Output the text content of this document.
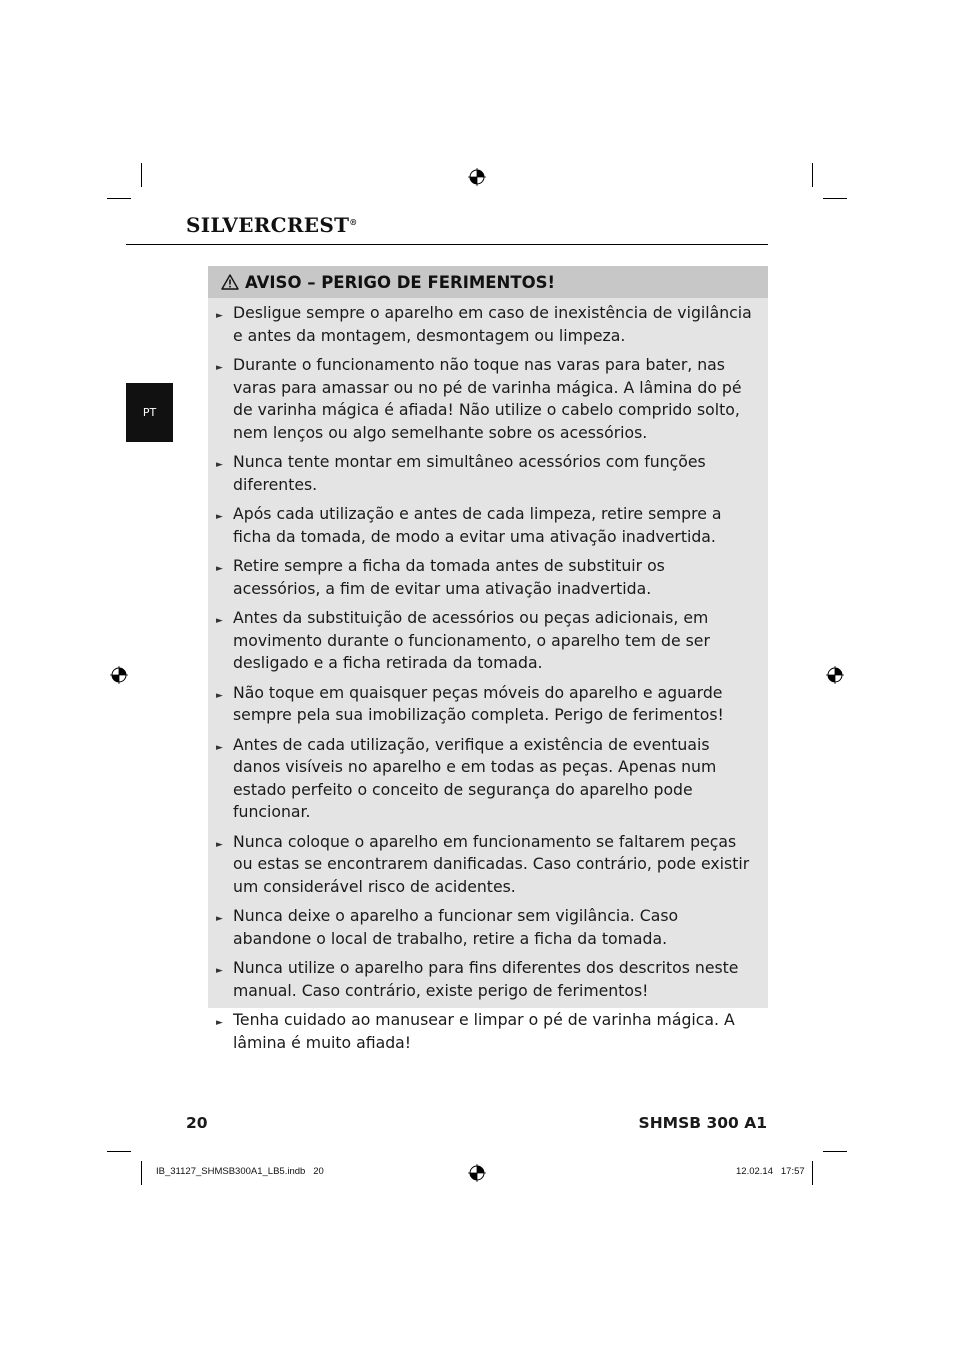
SILVERCREST®
PT
AVISO – PERIGO DE FERIMENTOS!
► Desligue sempre o aparelho em caso de inexistência de vigilância e antes da montagem, desmontagem ou limpeza.
► Durante o funcionamento não toque nas varas para bater, nas varas para amassar ou no pé de varinha mágica. A lâmina do pé de varinha mágica é afiada! Não utilize o cabelo comprido solto, nem lenços ou algo semelhante sobre os acessórios.
► Nunca tente montar em simultâneo acessórios com funções diferentes.
► Após cada utilização e antes de cada limpeza, retire sempre a ficha da tomada, de modo a evitar uma ativação inadvertida.
► Retire sempre a ficha da tomada antes de substituir os acessórios, a fim de evitar uma ativação inadvertida.
► Antes da substituição de acessórios ou peças adicionais, em movimento durante o funcionamento, o aparelho tem de ser desligado e a ficha retirada da tomada.
► Não toque em quaisquer peças móveis do aparelho e aguarde sempre pela sua imobilização completa. Perigo de ferimentos!
► Antes de cada utilização, verifique a existência de eventuais danos visíveis no aparelho e em todas as peças. Apenas num estado perfeito o conceito de segurança do aparelho pode funcionar.
► Nunca coloque o aparelho em funcionamento se faltarem peças ou estas se encontrarem danificadas. Caso contrário, pode existir um considerável risco de acidentes.
► Nunca deixe o aparelho a funcionar sem vigilância. Caso abandone o local de trabalho, retire a ficha da tomada.
► Nunca utilize o aparelho para fins diferentes dos descritos neste manual. Caso contrário, existe perigo de ferimentos!
► Tenha cuidado ao manusear e limpar o pé de varinha mágica. A lâmina é muito afiada!
20	SHMSB 300 A1
IB_31127_SHMSB300A1_LB5.indb   20	12.02.14   17:57
